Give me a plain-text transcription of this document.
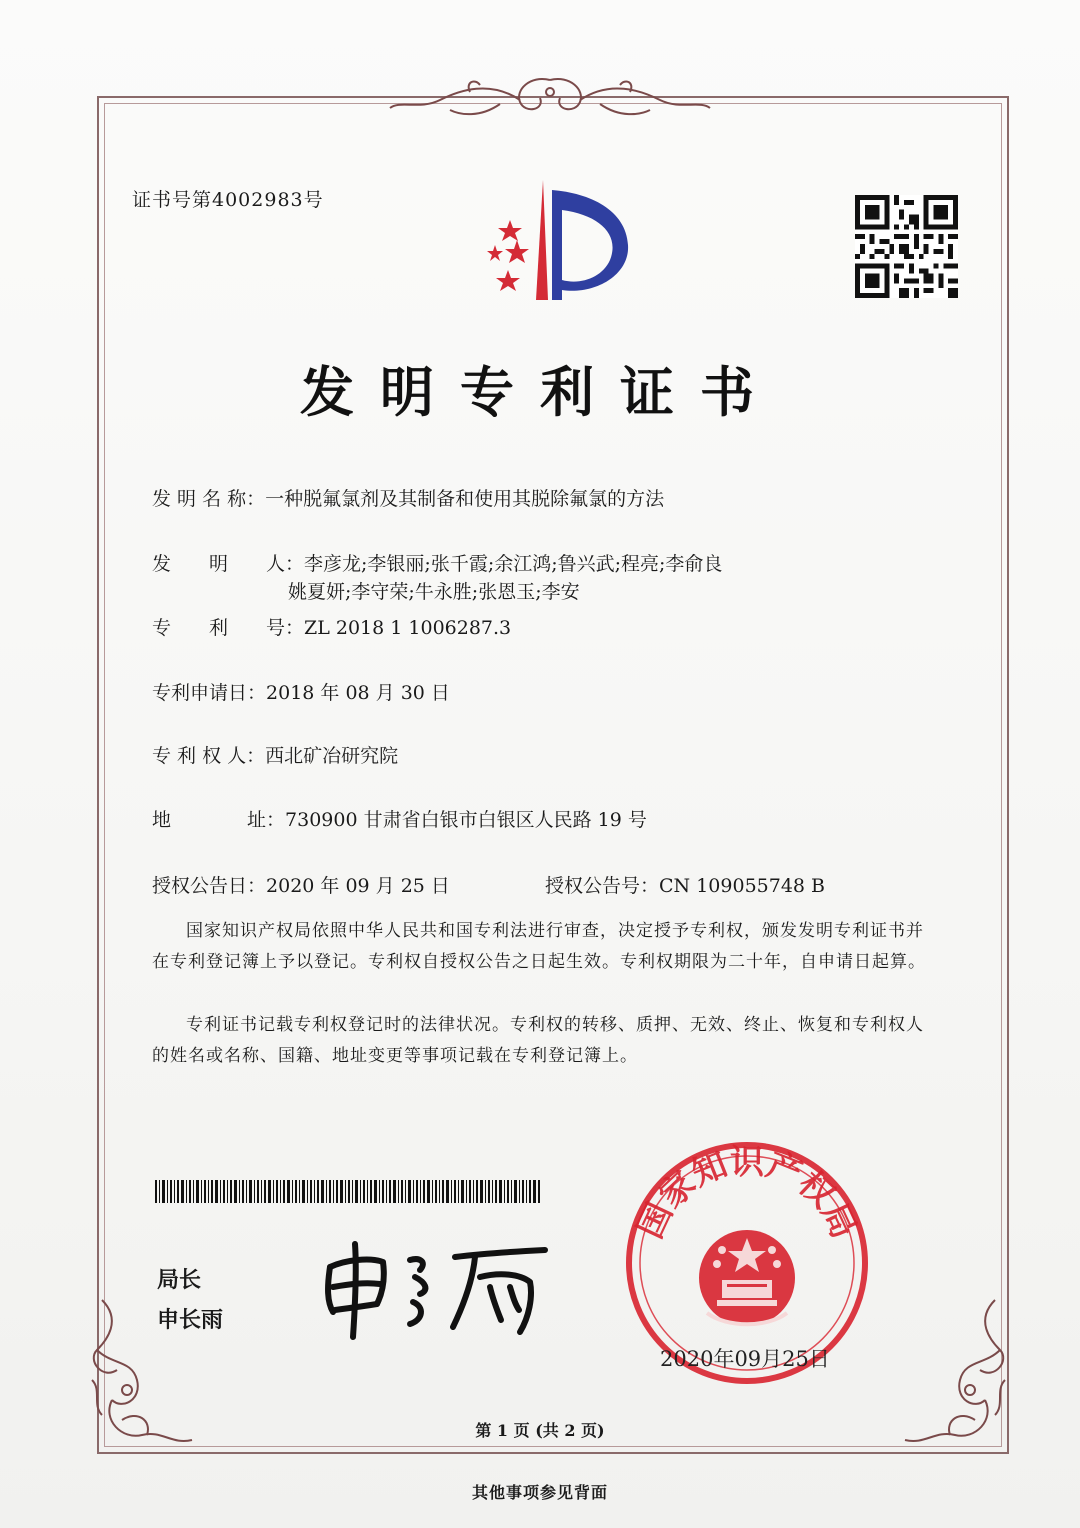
证书号第4002983号
发明专利证书
发 明 名 称：一种脱氟氯剂及其制备和使用其脱除氟氯的方法
发　　明　　人：李彦龙;李银丽;张千霞;余江鸿;鲁兴武;程亮;李俞良
姚夏妍;李守荣;牛永胜;张恩玉;李安
专　　利　　号：ZL 2018 1 1006287.3
专利申请日：2018 年 08 月 30 日
专 利 权 人：西北矿冶研究院
地　　　　址：730900 甘肃省白银市白银区人民路 19 号
授权公告日：2020 年 09 月 25 日	授权公告号：CN 109055748 B
国家知识产权局依照中华人民共和国专利法进行审查，决定授予专利权，颁发发明专利证书并在专利登记簿上予以登记。专利权自授权公告之日起生效。专利权期限为二十年，自申请日起算。
专利证书记载专利权登记时的法律状况。专利权的转移、质押、无效、终止、恢复和专利权人的姓名或名称、国籍、地址变更等事项记载在专利登记簿上。
局长
申长雨
国家知识产权局
2020年09月25日
第 1 页 (共 2 页)
其他事项参见背面
